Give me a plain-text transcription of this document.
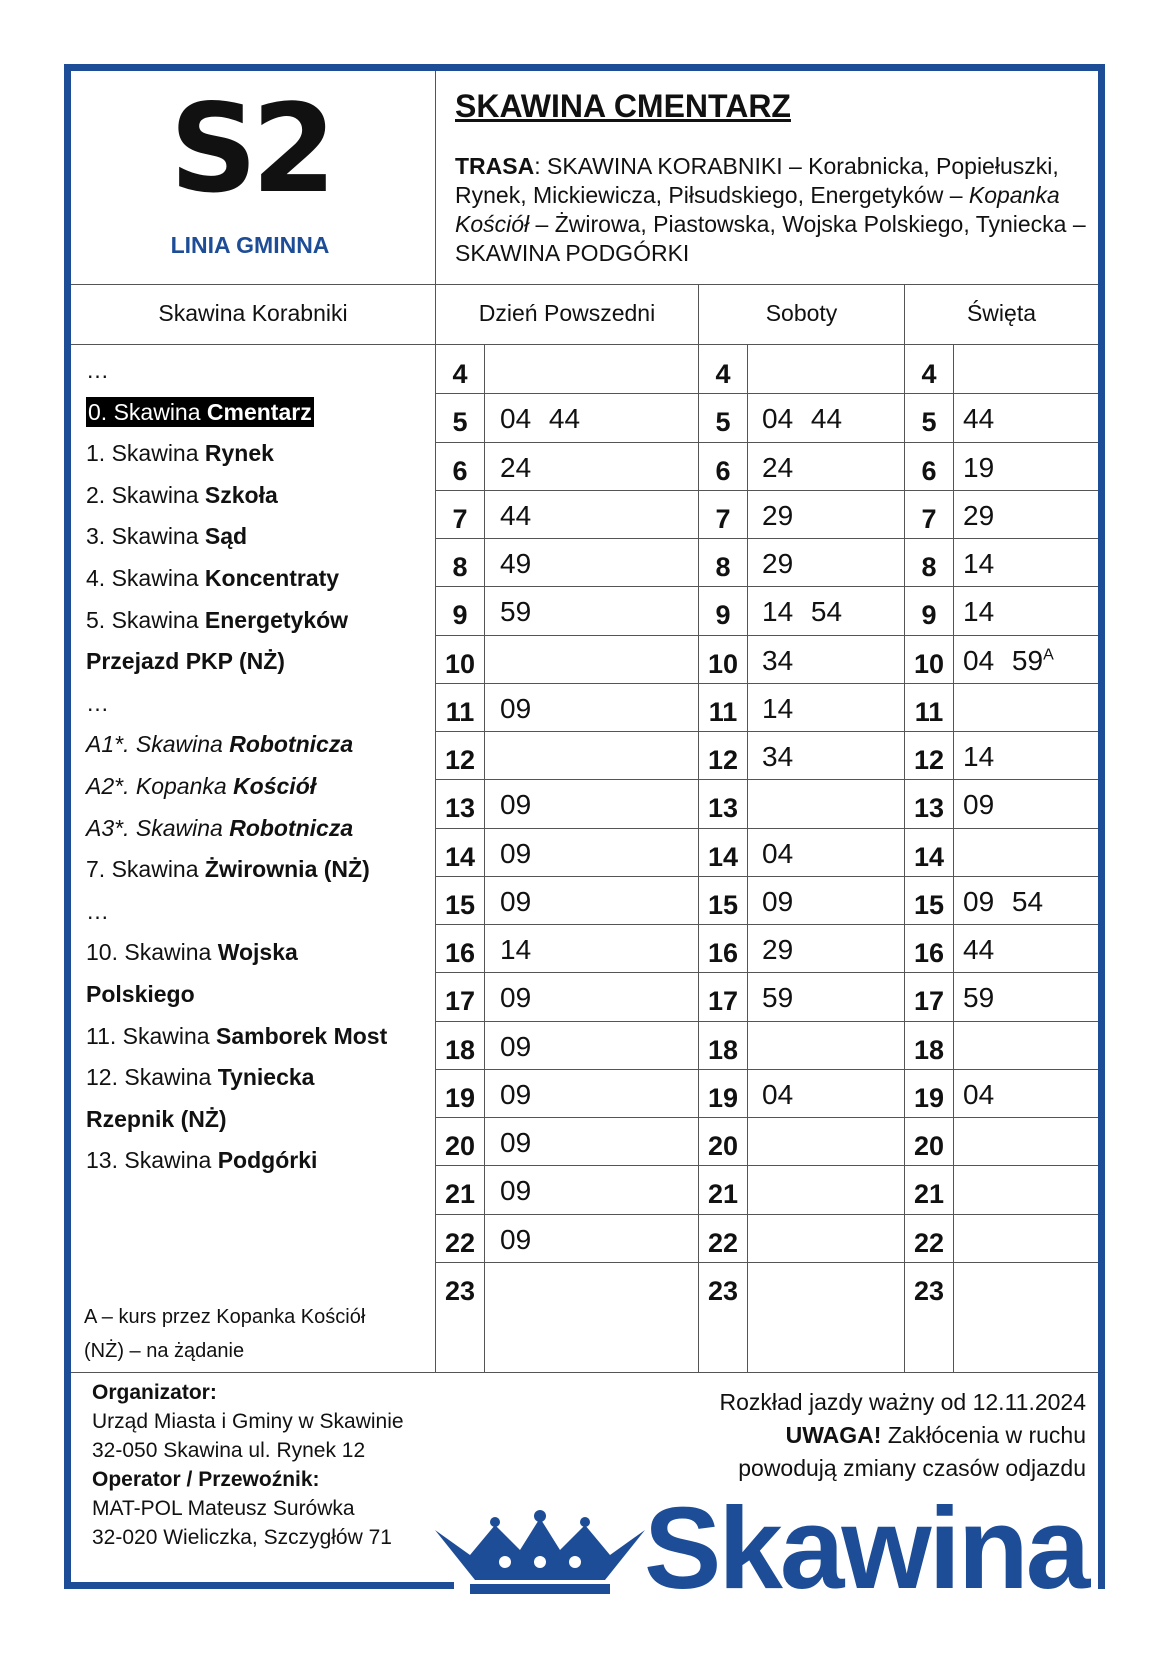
S2
LINIA GMINNA
SKAWINA CMENTARZ
TRASA: SKAWINA KORABNIKI – Korabnicka, Popiełuszki, Rynek, Mickiewicza, Piłsudskiego, Energetyków – Kopanka Kościół – Żwirowa, Piastowska, Wojska Polskiego, Tyniecka – SKAWINA PODGÓRKI
Skawina Korabniki	Dzień Powszedni	Soboty	Święta
…
0. Skawina Cmentarz
1. Skawina Rynek
2. Skawina Szkoła
3. Skawina Sąd
4. Skawina Koncentraty
5. Skawina Energetyków
Przejazd PKP (NŻ)
…
A1*. Skawina Robotnicza
A2*. Kopanka Kościół
A3*. Skawina Robotnicza
7. Skawina Żwirownia (NŻ)
…
10. Skawina Wojska
Polskiego
11. Skawina Samborek Most
12. Skawina Tyniecka
Rzepnik (NŻ)
13. Skawina Podgórki
A – kurs przez Kopanka Kościół
(NŻ) – na żądanie
4	4	4
5	04 44	5	04 44	5 44
6	24	6	24	6 19
7	44	7	29	7 29
8	49	8	29	8 14
9	59	9	14 54	9 14
10	10 34	10 04 $59^A$
11 09	11 14	11
12	12 34	12 14
13 09	13	13 09
14 09	14 04	14
15 09	15 09	15 09 54
16 14	16 29	16 44
17 09	17 59	17 59
18 09	18	18
19 09	19 04	19 04
20 09	20	20
21 09	21	21
22 09	22	22
23	23	23
Organizator:
Urząd Miasta i Gminy w Skawinie
32-050 Skawina ul. Rynek 12
Operator / Przewoźnik:
MAT-POL Mateusz Surówka
32-020 Wieliczka, Szczygłów 71
Rozkład jazdy ważny od 12.11.2024
UWAGA! Zakłócenia w ruchu
powodują zmiany czasów odjazdu
Skawina
